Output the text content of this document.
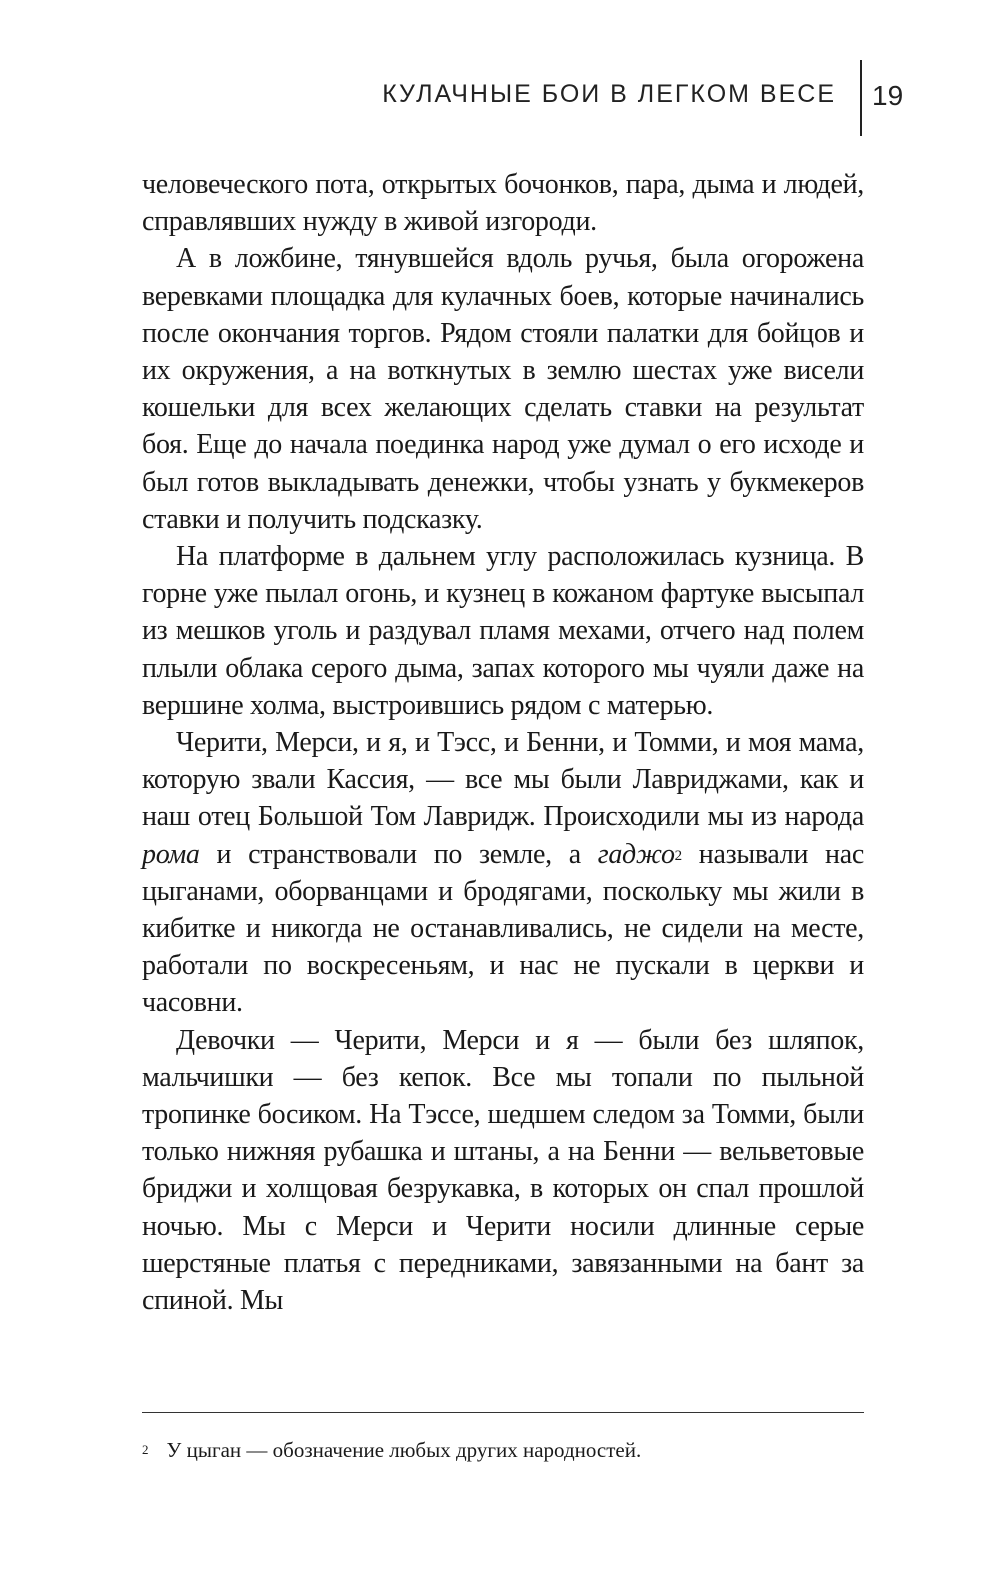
КУЛАЧНЫЕ БОИ В ЛЕГКОМ ВЕСЕ 19

человеческого пота, открытых бочонков, пара, дыма и людей, справлявших нужду в живой изгороди.

А в ложбине, тянувшейся вдоль ручья, была огорожена веревками площадка для кулачных боев, которые начинались после окончания торгов. Рядом стояли палатки для бойцов и их окружения, а на воткнутых в землю шестах уже висели кошельки для всех желающих сделать ставки на результат боя. Еще до начала поединка народ уже думал о его исходе и был готов выкладывать денежки, чтобы узнать у букмекеров ставки и получить подсказку.

На платформе в дальнем углу расположилась кузница. В горне уже пылал огонь, и кузнец в кожаном фартуке высыпал из мешков уголь и раздувал пламя мехами, отчего над полем плыли облака серого дыма, запах которого мы чуяли даже на вершине холма, выстроившись рядом с матерью.

Черити, Мерси, и я, и Тэсс, и Бенни, и Томми, и моя мама, которую звали Кассия, — все мы были Лавриджами, как и наш отец Большой Том Лавридж. Происходили мы из народа рома и странствовали по земле, а гаджо$^2$ называли нас цыганами, оборванцами и бродягами, поскольку мы жили в кибитке и никогда не останавливались, не сидели на месте, работали по воскресеньям, и нас не пускали в церкви и часовни.

Девочки — Черити, Мерси и я — были без шляпок, мальчишки — без кепок. Все мы топали по пыльной тропинке босиком. На Тэссе, шедшем следом за Томми, были только нижняя рубашка и штаны, а на Бенни — вельветовые бриджи и холщовая безрукавка, в которых он спал прошлой ночью. Мы с Мерси и Черити носили длинные серые шерстяные платья с передниками, завязанными на бант за спиной. Мы

$^2$ У цыган — обозначение любых других народностей.
